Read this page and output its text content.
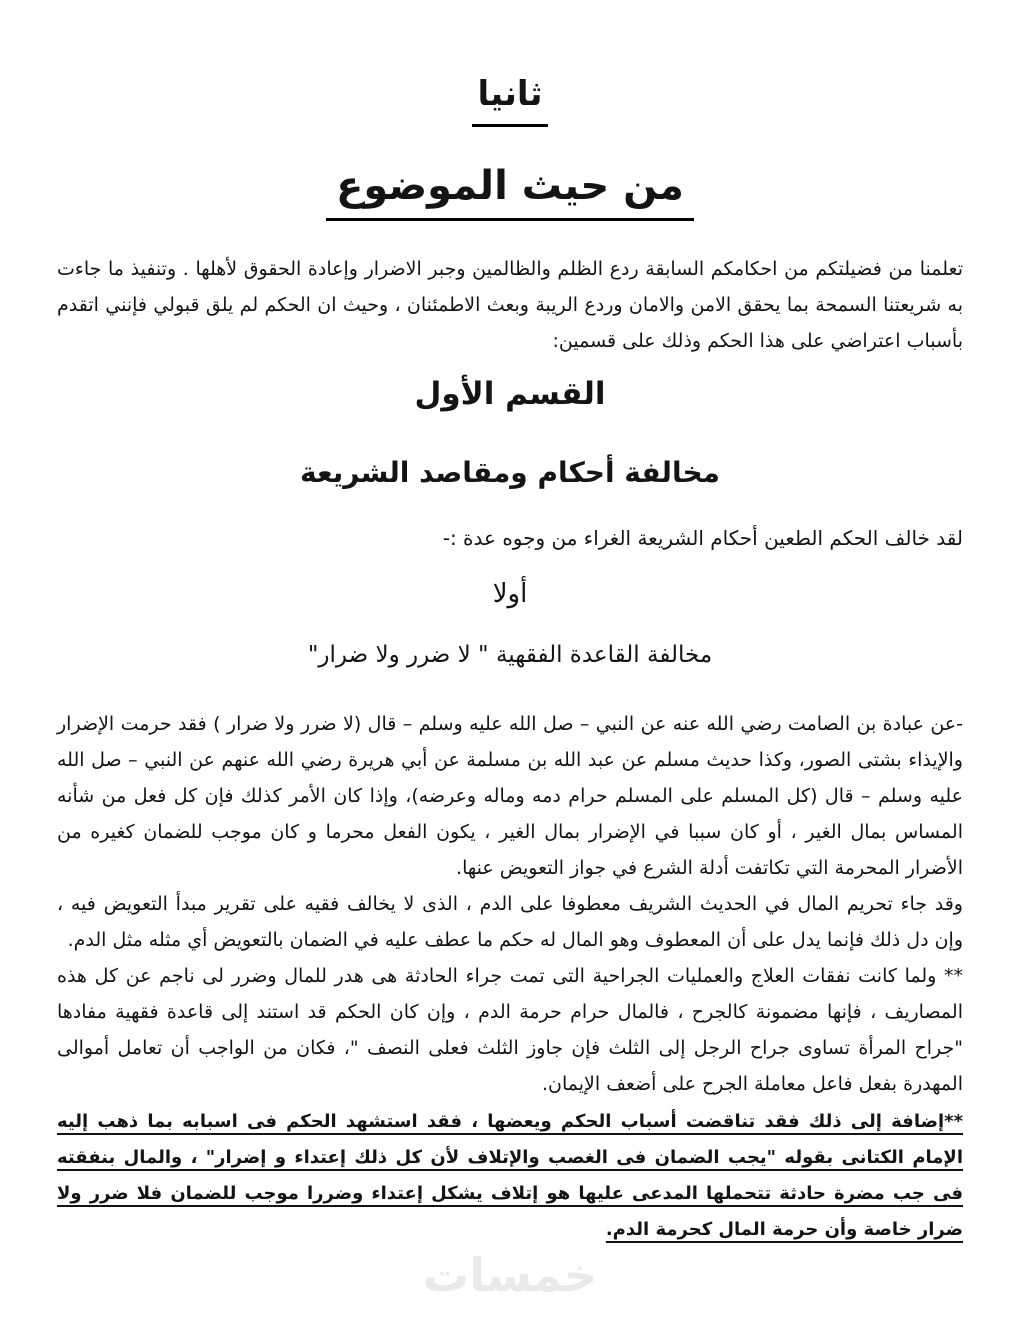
ثانيا
من حيث الموضوع

تعلمنا من فضيلتكم من احكامكم السابقة ردع الظلم والظالمين وجبر الاضرار وإعادة الحقوق لأهلها . وتنفيذ ما جاءت به شريعتنا السمحة بما يحقق الامن والامان وردع الريبة وبعث الاطمئنان ، وحيث ان الحكم لم يلق قبولي فإنني اتقدم بأسباب اعتراضي على هذا الحكم وذلك على قسمين:

القسم الأول
مخالفة أحكام ومقاصد الشريعة

لقد خالف الحكم الطعين أحكام الشريعة الغراء من وجوه عدة :-

أولا
مخالفة القاعدة الفقهية " لا ضرر ولا ضرار"

-عن عبادة بن الصامت رضي الله عنه عن النبي – صل الله عليه وسلم – قال (لا ضرر ولا ضرار ) فقد حرمت الإضرار والإيذاء بشتى الصور، وكذا حديث مسلم عن عبد الله بن مسلمة عن أبي هريرة رضي الله عنهم عن النبي – صل الله عليه وسلم – قال (كل المسلم على المسلم حرام دمه وماله وعرضه)، وإذا كان الأمر كذلك فإن كل فعل من شأنه المساس بمال الغير ، أو كان سببا في الإضرار بمال الغير ، يكون الفعل محرما و كان موجب للضمان كغيره من الأضرار المحرمة التي تكاتفت أدلة الشرع في جواز التعويض عنها.

وقد جاء تحريم المال في الحديث الشريف معطوفا على الدم ، الذى لا يخالف فقيه على تقرير مبدأ التعويض فيه ، وإن دل ذلك فإنما يدل على أن المعطوف وهو المال له حكم ما عطف عليه في الضمان بالتعويض أي مثله مثل الدم.

** ولما كانت نفقات العلاج والعمليات الجراحية التى تمت جراء الحادثة هى هدر للمال وضرر لى ناجم عن كل هذه المصاريف ، فإنها مضمونة كالجرح ، فالمال حرام حرمة الدم ، وإن كان الحكم قد استند إلى قاعدة فقهية مفادها "جراح المرأة تساوى جراح الرجل إلى الثلث فإن جاوز الثلث فعلى النصف "، فكان من الواجب أن تعامل أموالى المهدرة بفعل فاعل معاملة الجرح على أضعف الإيمان.

**إضافة إلى ذلك فقد تناقضت أسباب الحكم ويعضها ، فقد استشهد الحكم فى اسبابه بما ذهب إليه الإمام الكتانى بقوله "يجب الضمان فى الغصب والإتلاف لأن كل ذلك إعتداء و إضرار" ، والمال بنفقته فى جب مضرة حادثة تتحملها المدعى عليها هو إتلاف يشكل إعتداء وضررا موجب للضمان فلا ضرر ولا ضرار خاصة وأن حرمة المال كحرمة الدم.

خمسات
